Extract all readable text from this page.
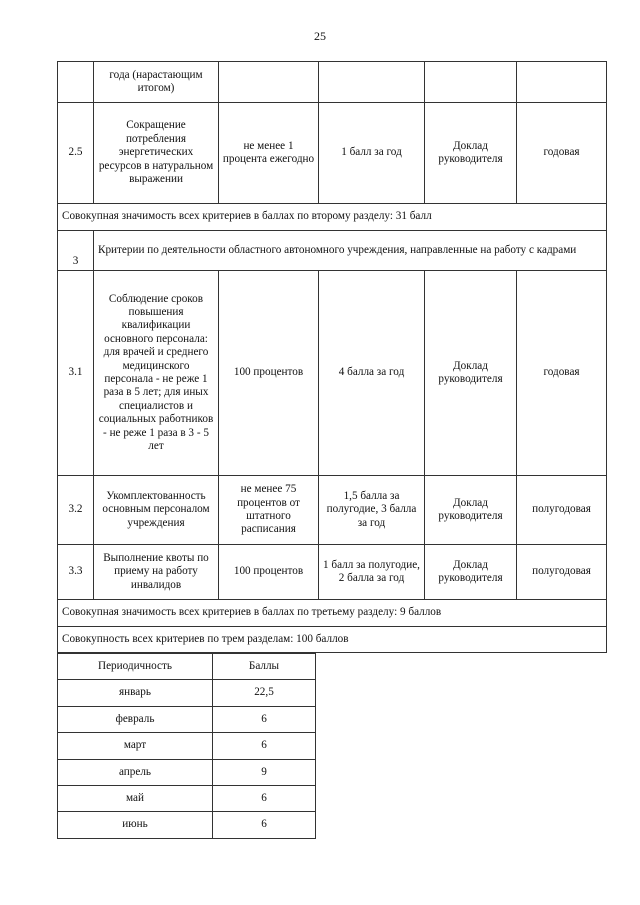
25
	года (нарастающим итогом)				
2.5	Сокращение потребления энергетических ресурсов в натуральном выражении	не менее 1 процента ежегодно	1 балл за год	Доклад руководителя	годовая
Совокупная значимость всех критериев в баллах по второму разделу: 31 балл					
3	Критерии по деятельности областного автономного учреждения, направленные на работу с кадрами				
3.1	Соблюдение сроков повышения квалификации основного персонала: для врачей и среднего медицинского персонала - не реже 1 раза в 5 лет; для иных специалистов и социальных работников - не реже 1 раза в 3 - 5 лет	100 процентов	4 балла за год	Доклад руководителя	годовая
3.2	Укомплектованность основным персоналом учреждения	не менее 75 процентов от штатного расписания	1,5 балла за полугодие, 3 балла за год	Доклад руководителя	полугодовая
3.3	Выполнение квоты по приему на работу инвалидов	100 процентов	1 балл за полугодие, 2 балла за год	Доклад руководителя	полугодовая
Совокупная значимость всех критериев в баллах по третьему разделу: 9 баллов					
Совокупность всех критериев по трем разделам: 100 баллов					
Периодичность	Баллы
январь	22,5
февраль	6
март	6
апрель	9
май	6
июнь	6
